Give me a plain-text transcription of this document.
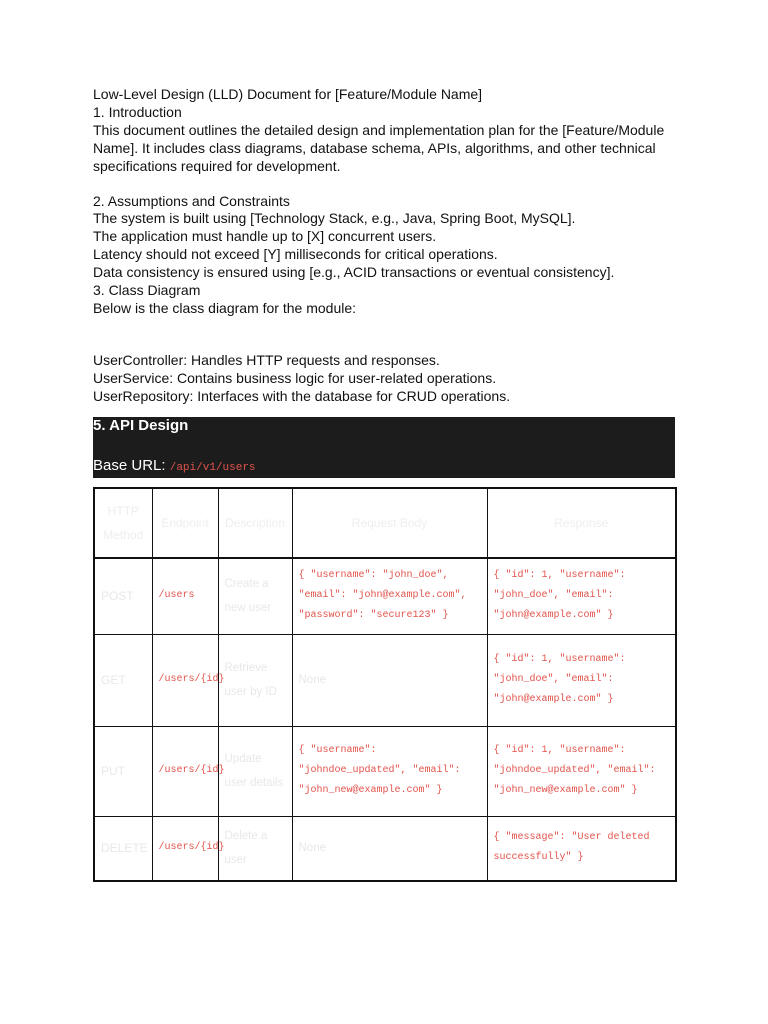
Low-Level Design (LLD) Document for [Feature/Module Name]
1. Introduction
This document outlines the detailed design and implementation plan for the [Feature/Module Name]. It includes class diagrams, database schema, APIs, algorithms, and other technical specifications required for development.
2. Assumptions and Constraints
The system is built using [Technology Stack, e.g., Java, Spring Boot, MySQL].
The application must handle up to [X] concurrent users.
Latency should not exceed [Y] milliseconds for critical operations.
Data consistency is ensured using [e.g., ACID transactions or eventual consistency].
3. Class Diagram
Below is the class diagram for the module:
UserController: Handles HTTP requests and responses.
UserService: Contains business logic for user-related operations.
UserRepository: Interfaces with the database for CRUD operations.
5. API Design
Base URL: /api/v1/users
HTTP Method	Endpoint	Description	Request Body	Response
POST	/users	Create a new user	{ "username": "john_doe", "email": "john@example.com", "password": "secure123" }	{ "id": 1, "username": "john_doe", "email": "john@example.com" }
GET	/users/{id}	Retrieve user by ID	None	{ "id": 1, "username": "john_doe", "email": "john@example.com" }
PUT	/users/{id}	Update user details	{ "username": "johndoe_updated", "email": "john_new@example.com" }	{ "id": 1, "username": "johndoe_updated", "email": "john_new@example.com" }
DELETE	/users/{id}	Delete a user	None	{ "message": "User deleted successfully" }
